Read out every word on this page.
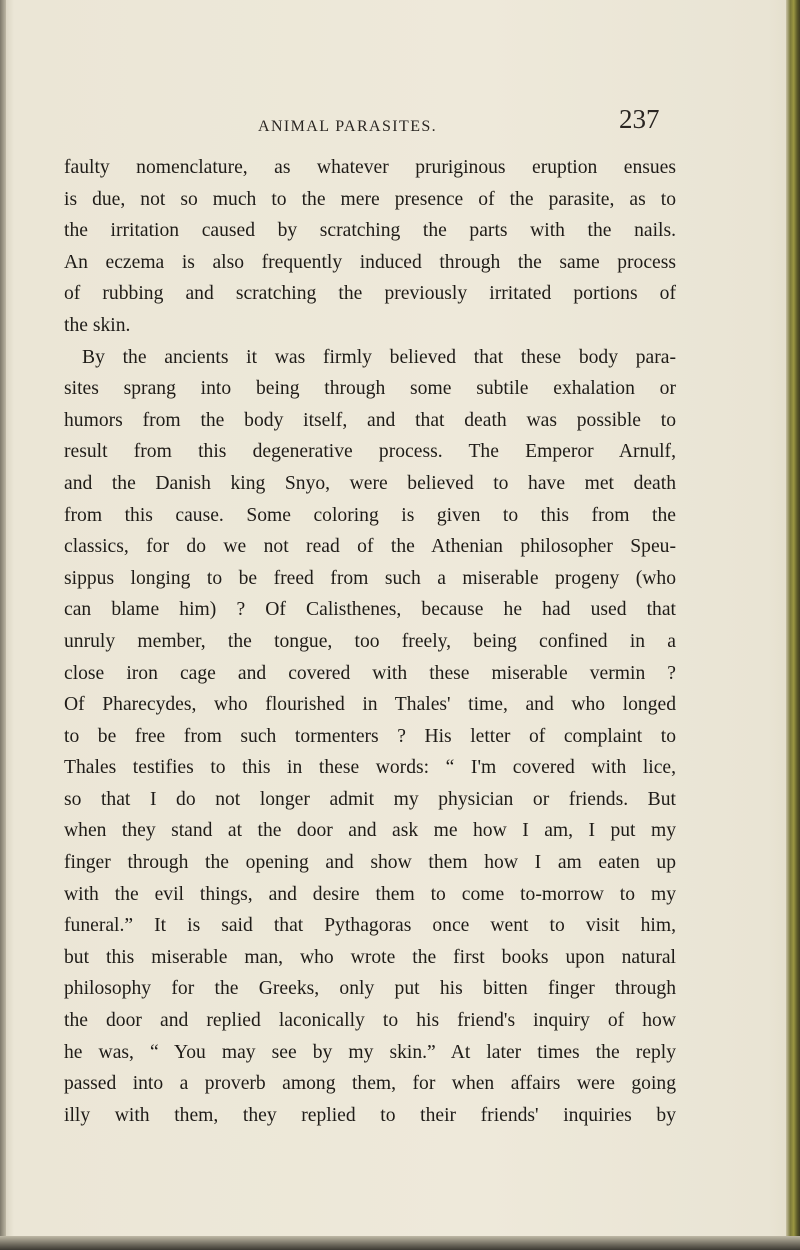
ANIMAL PARASITES.	237
faulty nomenclature, as whatever pruriginous eruption ensues
is due, not so much to the mere presence of the parasite, as to
the irritation caused by scratching the parts with the nails.
An eczema is also frequently induced through the same process
of rubbing and scratching the previously irritated portions of
the skin.
By the ancients it was firmly believed that these body para-
sites sprang into being through some subtile exhalation or
humors from the body itself, and that death was possible to
result from this degenerative process. The Emperor Arnulf,
and the Danish king Snyo, were believed to have met death
from this cause. Some coloring is given to this from the
classics, for do we not read of the Athenian philosopher Speu-
sippus longing to be freed from such a miserable progeny (who
can blame him) ? Of Calisthenes, because he had used that
unruly member, the tongue, too freely, being confined in a
close iron cage and covered with these miserable vermin ?
Of Pharecydes, who flourished in Thales' time, and who longed
to be free from such tormenters ? His letter of complaint to
Thales testifies to this in these words: “ I'm covered with lice,
so that I do not longer admit my physician or friends. But
when they stand at the door and ask me how I am, I put my
finger through the opening and show them how I am eaten up
with the evil things, and desire them to come to-morrow to my
funeral.” It is said that Pythagoras once went to visit him,
but this miserable man, who wrote the first books upon natural
philosophy for the Greeks, only put his bitten finger through
the door and replied laconically to his friend's inquiry of how
he was, “ You may see by my skin.” At later times the reply
passed into a proverb among them, for when affairs were going
illy with them, they replied to their friends' inquiries by
